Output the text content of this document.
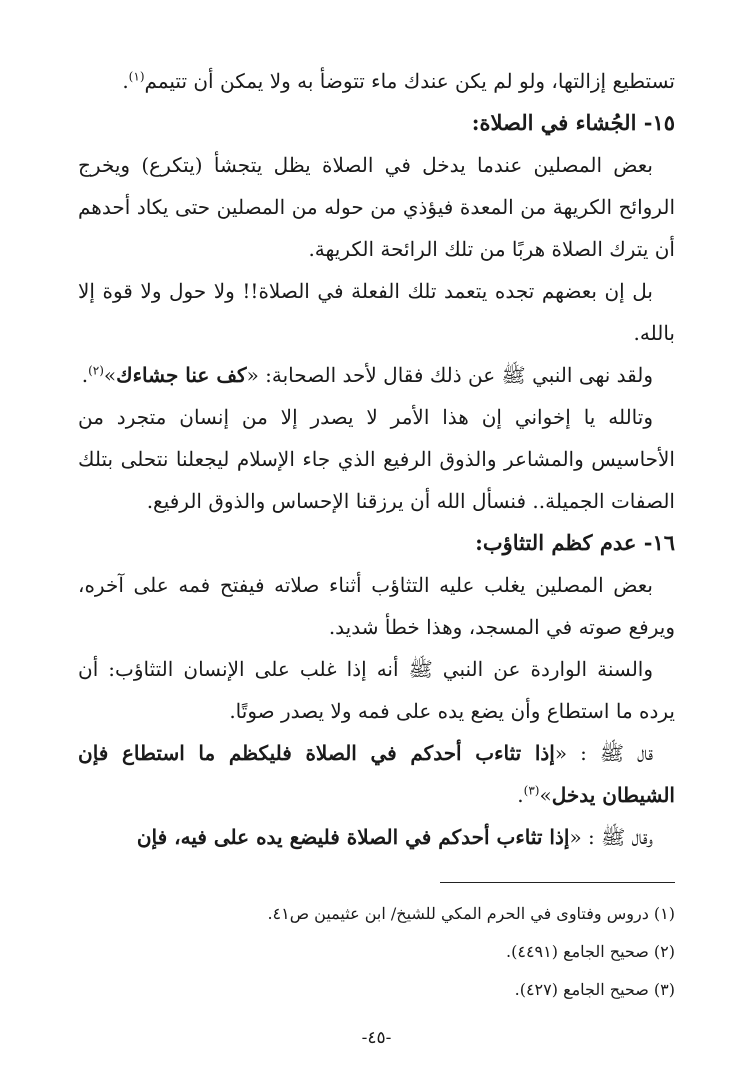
تستطيع إزالتها، ولو لم يكن عندك ماء تتوضأ به ولا يمكن أن تتيمم$^{(١)}$.

١٥- الجُشاء في الصلاة:

بعض المصلين عندما يدخل في الصلاة يظل يتجشأ (يتكرع) ويخرج الروائح الكريهة من المعدة فيؤذي من حوله من المصلين حتى يكاد أحدهم أن يترك الصلاة هربًا من تلك الرائحة الكريهة.

بل إن بعضهم تجده يتعمد تلك الفعلة في الصلاة!! ولا حول ولا قوة إلا بالله.

ولقد نهى النبي ﷺ عن ذلك فقال لأحد الصحابة: «كف عنا جشاءك»$^{(٢)}$.

وتالله يا إخواني إن هذا الأمر لا يصدر إلا من إنسان متجرد من الأحاسيس والمشاعر والذوق الرفيع الذي جاء الإسلام ليجعلنا نتحلى بتلك الصفات الجميلة.. فنسأل الله أن يرزقنا الإحساس والذوق الرفيع.

١٦- عدم كظم التثاؤب:

بعض المصلين يغلب عليه التثاؤب أثناء صلاته فيفتح فمه على آخره، ويرفع صوته في المسجد، وهذا خطأ شديد.

والسنة الواردة عن النبي ﷺ أنه إذا غلب على الإنسان التثاؤب: أن يرده ما استطاع وأن يضع يده على فمه ولا يصدر صوتًا.

قال ﷺ : «إذا تثاءب أحدكم في الصلاة فليكظم ما استطاع فإن الشيطان يدخل»$^{(٣)}$.

وقال ﷺ : «إذا تثاءب أحدكم في الصلاة فليضع يده على فيه، فإن

(١) دروس وفتاوى في الحرم المكي للشيخ/ ابن عثيمين ص٤١.

(٢) صحيح الجامع (٤٤٩١).

(٣) صحيح الجامع (٤٢٧).

-٤٥-
